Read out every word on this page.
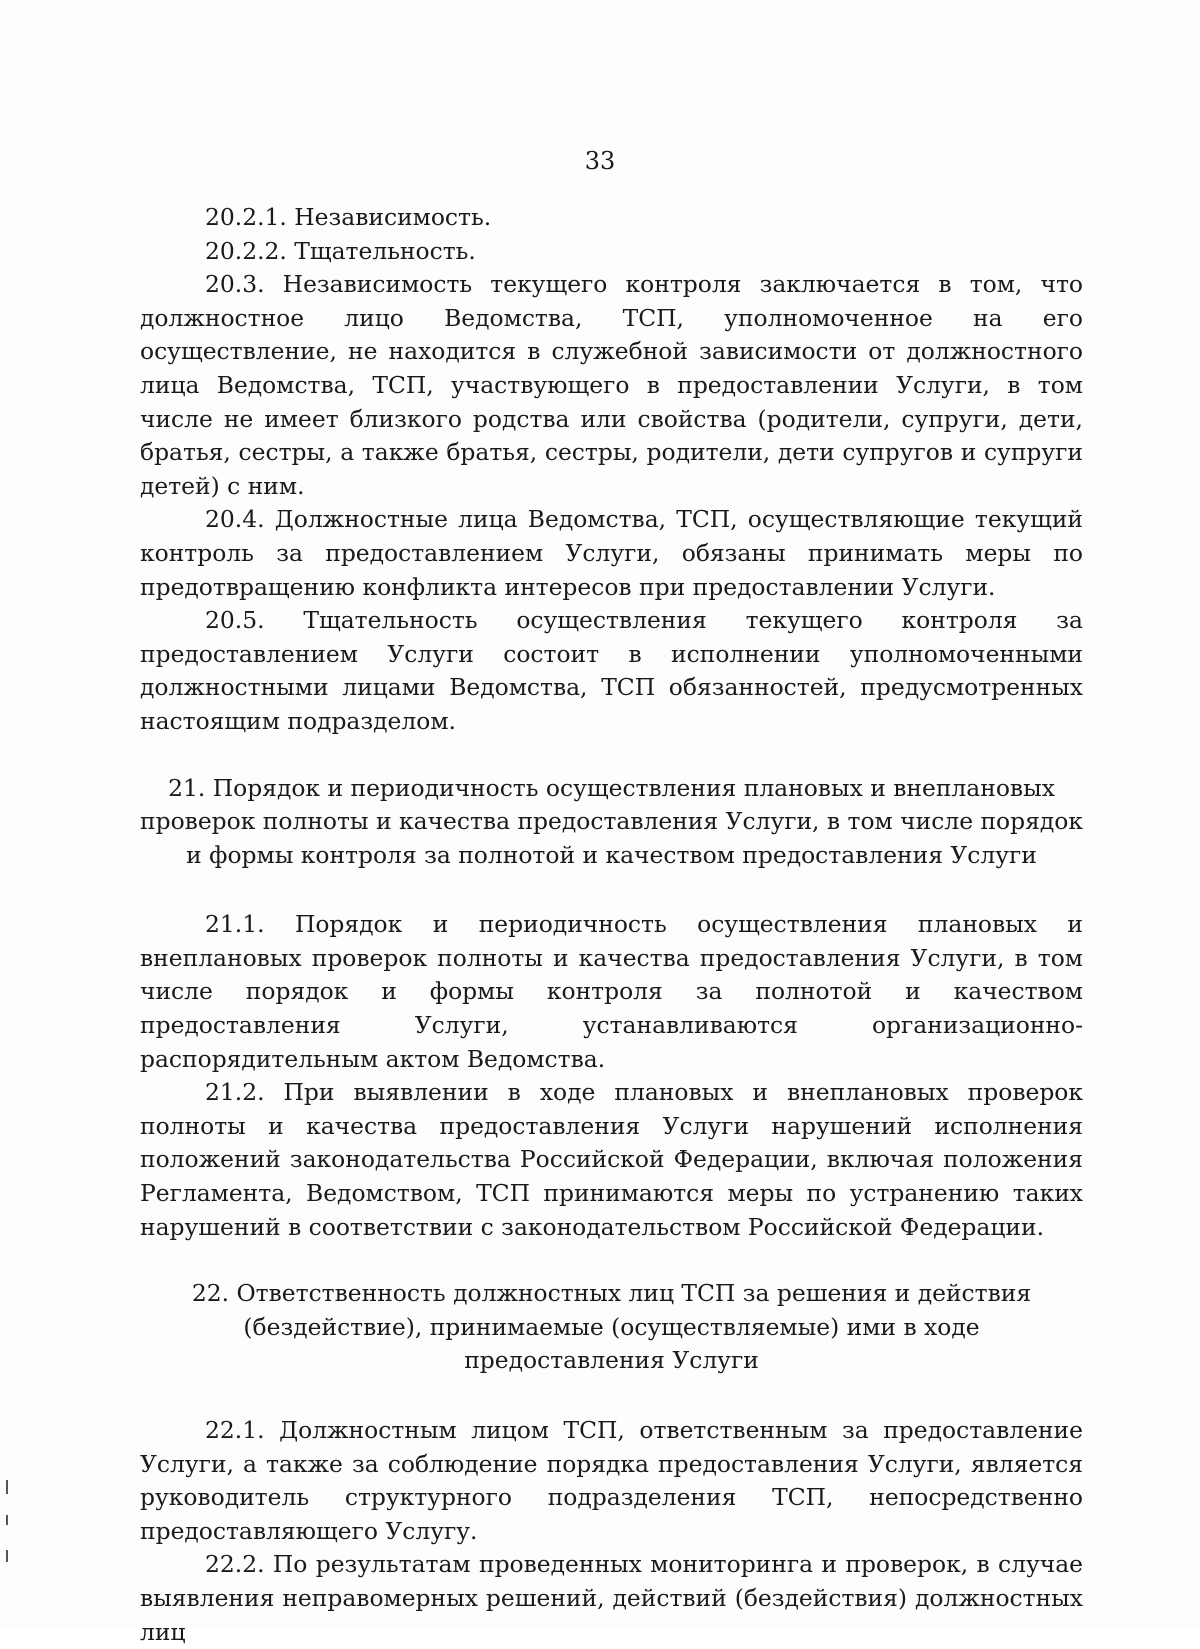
33

20.2.1. Независимость.

20.2.2. Тщательность.

20.3. Независимость текущего контроля заключается в том, что должностное лицо Ведомства, ТСП, уполномоченное на его осуществление, не находится в служебной зависимости от должностного лица Ведомства, ТСП, участвующего в предоставлении Услуги, в том числе не имеет близкого родства или свойства (родители, супруги, дети, братья, сестры, а также братья, сестры, родители, дети супругов и супруги детей) с ним.

20.4. Должностные лица Ведомства, ТСП, осуществляющие текущий контроль за предоставлением Услуги, обязаны принимать меры по предотвращению конфликта интересов при предоставлении Услуги.

20.5. Тщательность осуществления текущего контроля за предоставлением Услуги состоит в исполнении уполномоченными должностными лицами Ведомства, ТСП обязанностей, предусмотренных настоящим подразделом.

21. Порядок и периодичность осуществления плановых и внеплановых
проверок полноты и качества предоставления Услуги, в том числе порядок
и формы контроля за полнотой и качеством предоставления Услуги

21.1. Порядок и периодичность осуществления плановых и внеплановых проверок полноты и качества предоставления Услуги, в том числе порядок и формы контроля за полнотой и качеством предоставления Услуги, устанавливаются организационно-распорядительным актом Ведомства.

21.2. При выявлении в ходе плановых и внеплановых проверок полноты и качества предоставления Услуги нарушений исполнения положений законодательства Российской Федерации, включая положения Регламента, Ведомством, ТСП принимаются меры по устранению таких нарушений в соответствии с законодательством Российской Федерации.

22. Ответственность должностных лиц ТСП за решения и действия
(бездействие), принимаемые (осуществляемые) ими в ходе предоставления Услуги

22.1. Должностным лицом ТСП, ответственным за предоставление Услуги, а также за соблюдение порядка предоставления Услуги, является руководитель структурного подразделения ТСП, непосредственно предоставляющего Услугу.

22.2. По результатам проведенных мониторинга и проверок, в случае выявления неправомерных решений, действий (бездействия) должностных лиц
